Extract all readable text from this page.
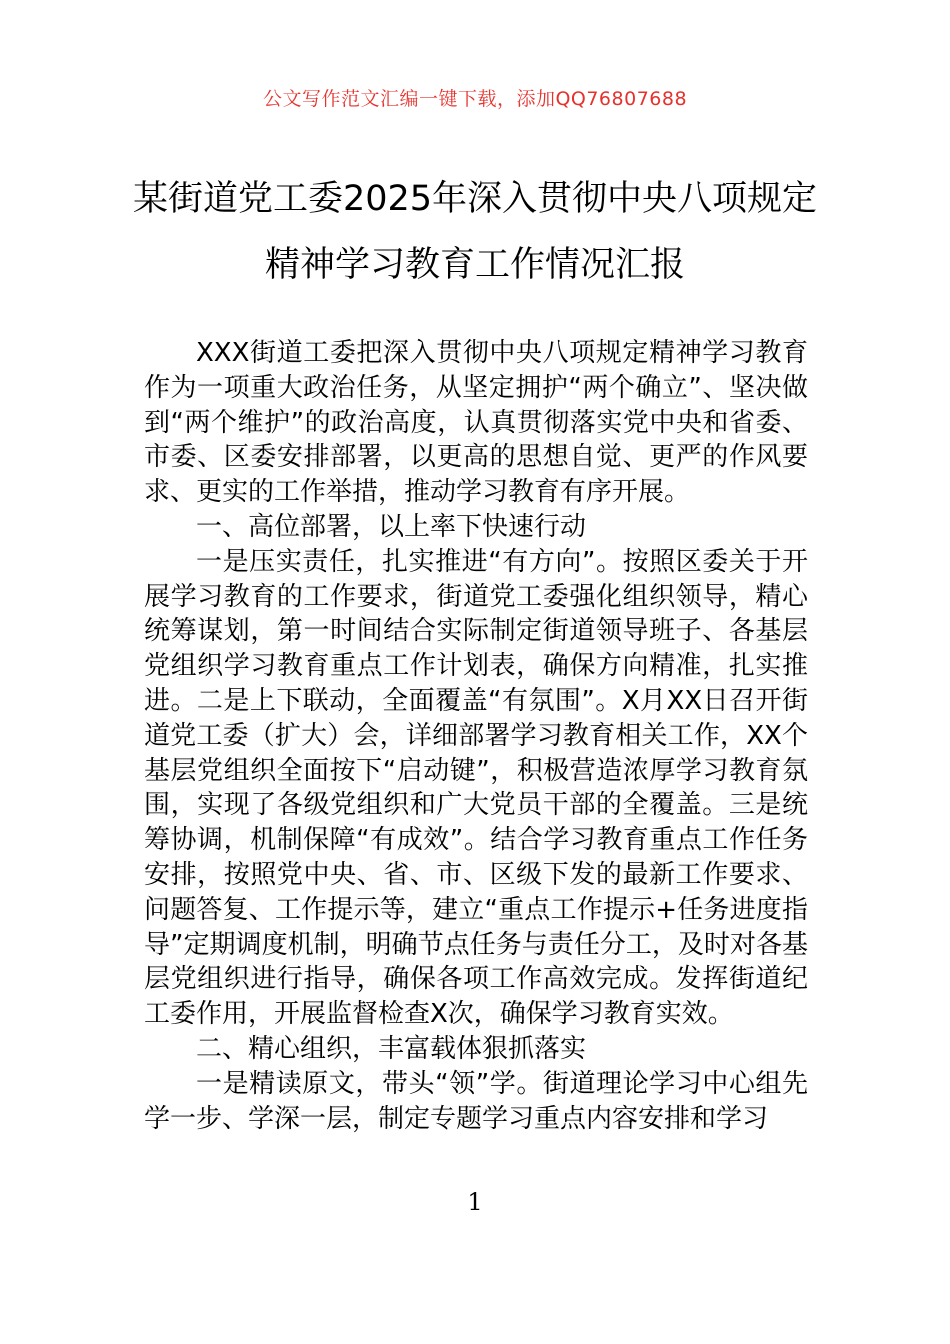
公文写作范文汇编一键下载，添加QQ76807688
某街道党工委2025年深入贯彻中央八项规定精神学习教育工作情况汇报

XXX街道工委把深入贯彻中央八项规定精神学习教育作为一项重大政治任务，从坚定拥护“两个确立”、坚决做到“两个维护”的政治高度，认真贯彻落实党中央和省委、市委、区委安排部署，以更高的思想自觉、更严的作风要求、更实的工作举措，推动学习教育有序开展。

一、高位部署，以上率下快速行动

一是压实责任，扎实推进“有方向”。按照区委关于开展学习教育的工作要求，街道党工委强化组织领导，精心统筹谋划，第一时间结合实际制定街道领导班子、各基层党组织学习教育重点工作计划表，确保方向精准，扎实推进。二是上下联动，全面覆盖“有氛围”。X月XX日召开街道党工委（扩大）会，详细部署学习教育相关工作，XX个基层党组织全面按下“启动键”，积极营造浓厚学习教育氛围，实现了各级党组织和广大党员干部的全覆盖。三是统筹协调，机制保障“有成效”。结合学习教育重点工作任务安排，按照党中央、省、市、区级下发的最新工作要求、问题答复、工作提示等，建立“重点工作提示+任务进度指导”定期调度机制，明确节点任务与责任分工，及时对各基层党组织进行指导，确保各项工作高效完成。发挥街道纪工委作用，开展监督检查X次，确保学习教育实效。

二、精心组织，丰富载体狠抓落实

一是精读原文，带头“领”学。街道理论学习中心组先学一步、学深一层，制定专题学习重点内容安排和学习

1
